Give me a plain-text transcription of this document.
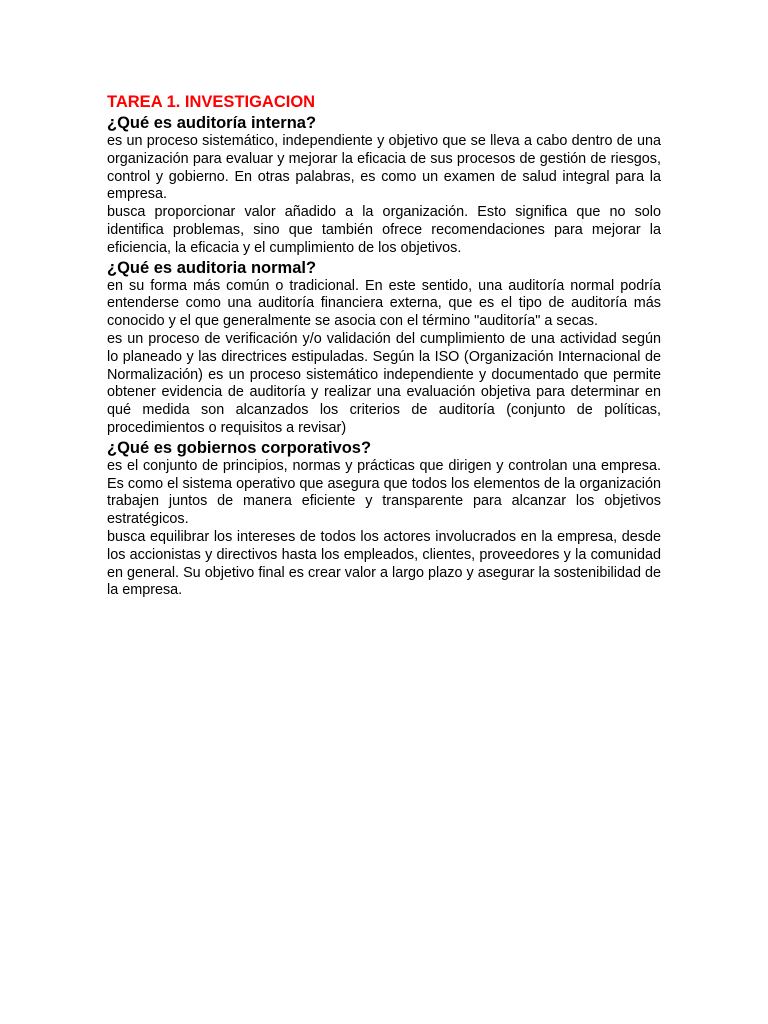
TAREA 1. INVESTIGACION
¿Qué es auditoría interna?

es un proceso sistemático, independiente y objetivo que se lleva a cabo dentro de una organización para evaluar y mejorar la eficacia de sus procesos de gestión de riesgos, control y gobierno. En otras palabras, es como un examen de salud integral para la empresa.

busca proporcionar valor añadido a la organización. Esto significa que no solo identifica problemas, sino que también ofrece recomendaciones para mejorar la eficiencia, la eficacia y el cumplimiento de los objetivos.

¿Qué es auditoria normal?

en su forma más común o tradicional. En este sentido, una auditoría normal podría entenderse como una auditoría financiera externa, que es el tipo de auditoría más conocido y el que generalmente se asocia con el término "auditoría" a secas.

es un proceso de verificación y/o validación del cumplimiento de una actividad según lo planeado y las directrices estipuladas. Según la ISO (Organización Internacional de Normalización) es un proceso sistemático independiente y documentado que permite obtener evidencia de auditoría y realizar una evaluación objetiva para determinar en qué medida son alcanzados los criterios de auditoría (conjunto de políticas, procedimientos o requisitos a revisar)

¿Qué es gobiernos corporativos?

es el conjunto de principios, normas y prácticas que dirigen y controlan una empresa. Es como el sistema operativo que asegura que todos los elementos de la organización trabajen juntos de manera eficiente y transparente para alcanzar los objetivos estratégicos.

busca equilibrar los intereses de todos los actores involucrados en la empresa, desde los accionistas y directivos hasta los empleados, clientes, proveedores y la comunidad en general. Su objetivo final es crear valor a largo plazo y asegurar la sostenibilidad de la empresa.
